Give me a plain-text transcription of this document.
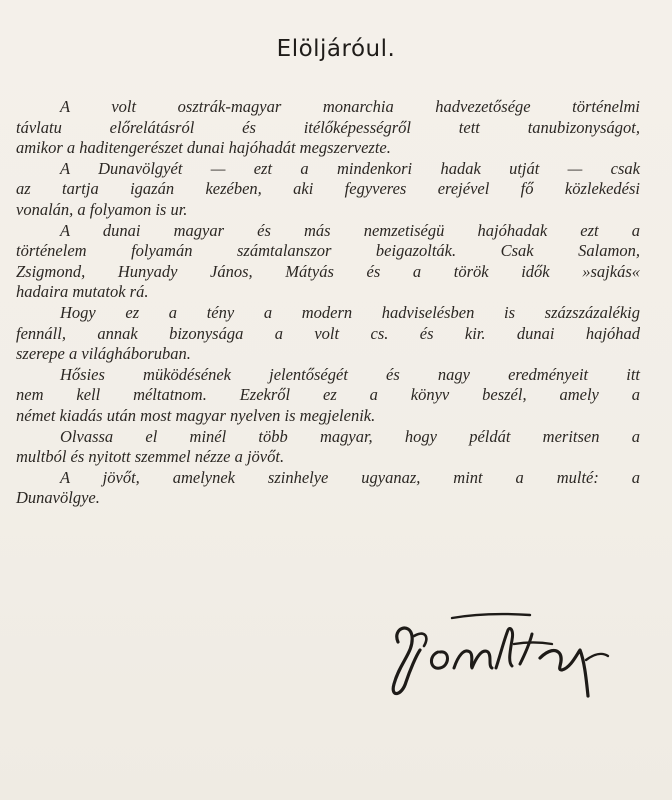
Elöljáróul.
A volt osztrák-magyar monarchia hadvezetősége történelmi
távlatu előrelátásról és itélőképességről tett tanubizonyságot,
amikor a haditengerészet dunai hajóhadát megszervezte.
A Dunavölgyét — ezt a mindenkori hadak utját — csak
az tartja igazán kezében, aki fegyveres erejével fő közlekedési
vonalán, a folyamon is ur.
A dunai magyar és más nemzetiségü hajóhadak ezt a
történelem folyamán számtalanszor beigazolták. Csak Salamon,
Zsigmond, Hunyady János, Mátyás és a török idők »sajkás«
hadaira mutatok rá.
Hogy ez a tény a modern hadviselésben is százszázalékig
fennáll, annak bizonysága a volt cs. és kir. dunai hajóhad
szerepe a világháboruban.
Hősies müködésének jelentőségét és nagy eredményeit itt
nem kell méltatnom. Ezekről ez a könyv beszél, amely a
német kiadás után most magyar nyelven is megjelenik.
Olvassa el minél több magyar, hogy példát meritsen a
multból és nyitott szemmel nézze a jövőt.
A jövőt, amelynek szinhelye ugyanaz, mint a multé: a
Dunavölgye.
